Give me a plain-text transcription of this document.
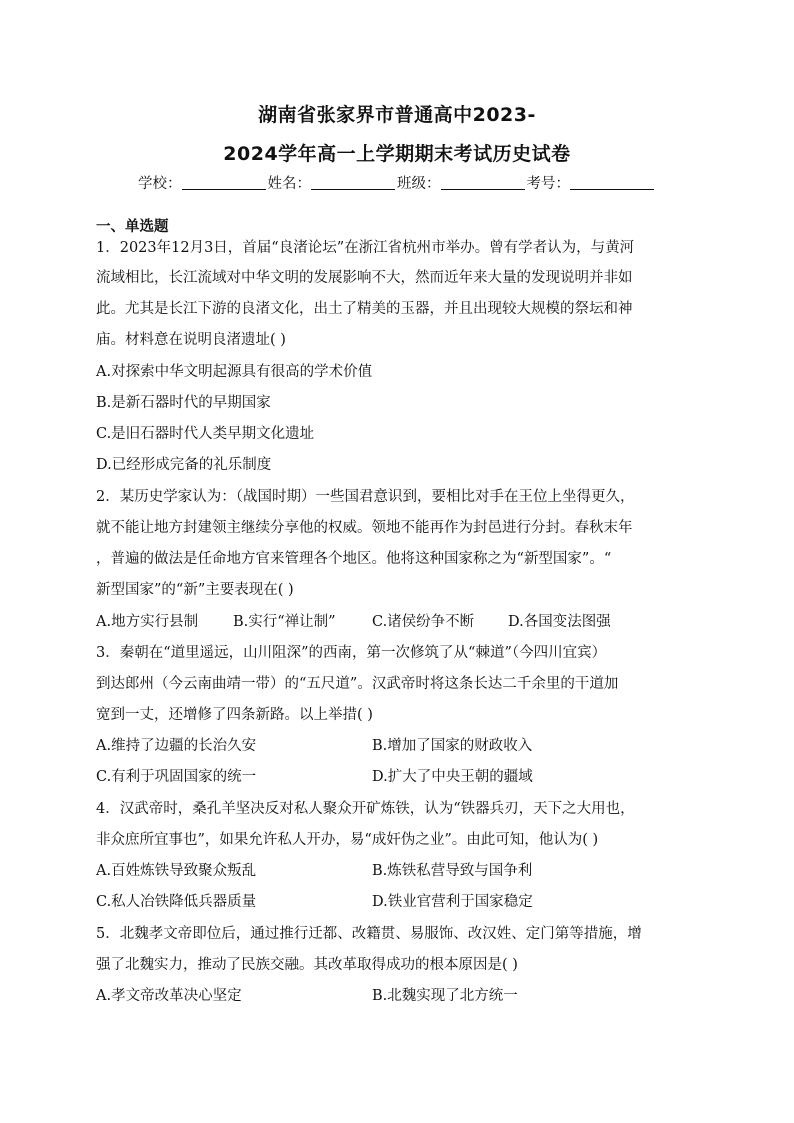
湖南省张家界市普通高中2023-
2024学年高一上学期期末考试历史试卷
学校：	姓名：	班级：	考号：
一、单选题
1．2023年12月3日，首届“良渚论坛”在浙江省杭州市举办。曾有学者认为，与黄河
流域相比，长江流域对中华文明的发展影响不大，然而近年来大量的发现说明并非如
此。尤其是长江下游的良渚文化，出土了精美的玉器，并且出现较大规模的祭坛和神
庙。材料意在说明良渚遗址( )
A.对探索中华文明起源具有很高的学术价值
B.是新石器时代的早期国家
C.是旧石器时代人类早期文化遗址
D.已经形成完备的礼乐制度
2．某历史学家认为：（战国时期）一些国君意识到，要相比对手在王位上坐得更久，
就不能让地方封建领主继续分享他的权威。领地不能再作为封邑进行分封。春秋末年
，普遍的做法是任命地方官来管理各个地区。他将这种国家称之为“新型国家”。“
新型国家”的“新”主要表现在( )
A.地方实行县制 B.实行“禅让制”	C.诸侯纷争不断 D.各国变法图强
3．秦朝在“道里遥远，山川阻深”的西南，第一次修筑了从“棘道”（今四川宜宾）
到达郎州（今云南曲靖一带）的“五尺道”。汉武帝时将这条长达二千余里的干道加
宽到一丈，还增修了四条新路。以上举措( )
A.维持了边疆的长治久安	B.增加了国家的财政收入
C.有利于巩固国家的统一	D.扩大了中央王朝的疆域
4．汉武帝时，桑孔羊坚决反对私人聚众开矿炼铁，认为“铁器兵刃，天下之大用也，
非众庶所宜事也”，如果允许私人开办，易“成奸伪之业”。由此可知，他认为( )
A.百姓炼铁导致聚众叛乱	B.炼铁私营导致与国争利
C.私人冶铁降低兵器质量	D.铁业官营利于国家稳定
5．北魏孝文帝即位后，通过推行迁都、改籍贯、易服饰、改汉姓、定门第等措施，增
强了北魏实力，推动了民族交融。其改革取得成功的根本原因是( )
A.孝文帝改革决心坚定	B.北魏实现了北方统一
